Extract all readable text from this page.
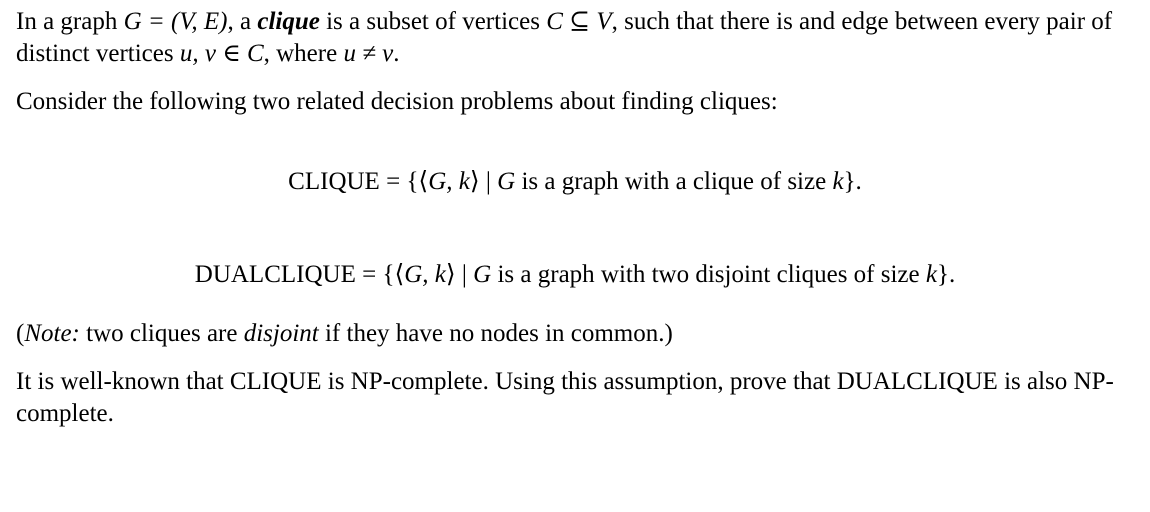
In a graph G = (V, E), a clique is a subset of vertices C ⊆ V, such that there is and edge between every pair of distinct vertices u, v ∈ C, where u ≠ v.

Consider the following two related decision problems about finding cliques:

CLIQUE = {⟨G, k⟩ | G is a graph with a clique of size k}.
DUALCLIQUE = {⟨G, k⟩ | G is a graph with two disjoint cliques of size k}.

(Note: two cliques are disjoint if they have no nodes in common.)

It is well-known that CLIQUE is NP-complete. Using this assumption, prove that DUALCLIQUE is also NP-complete.
